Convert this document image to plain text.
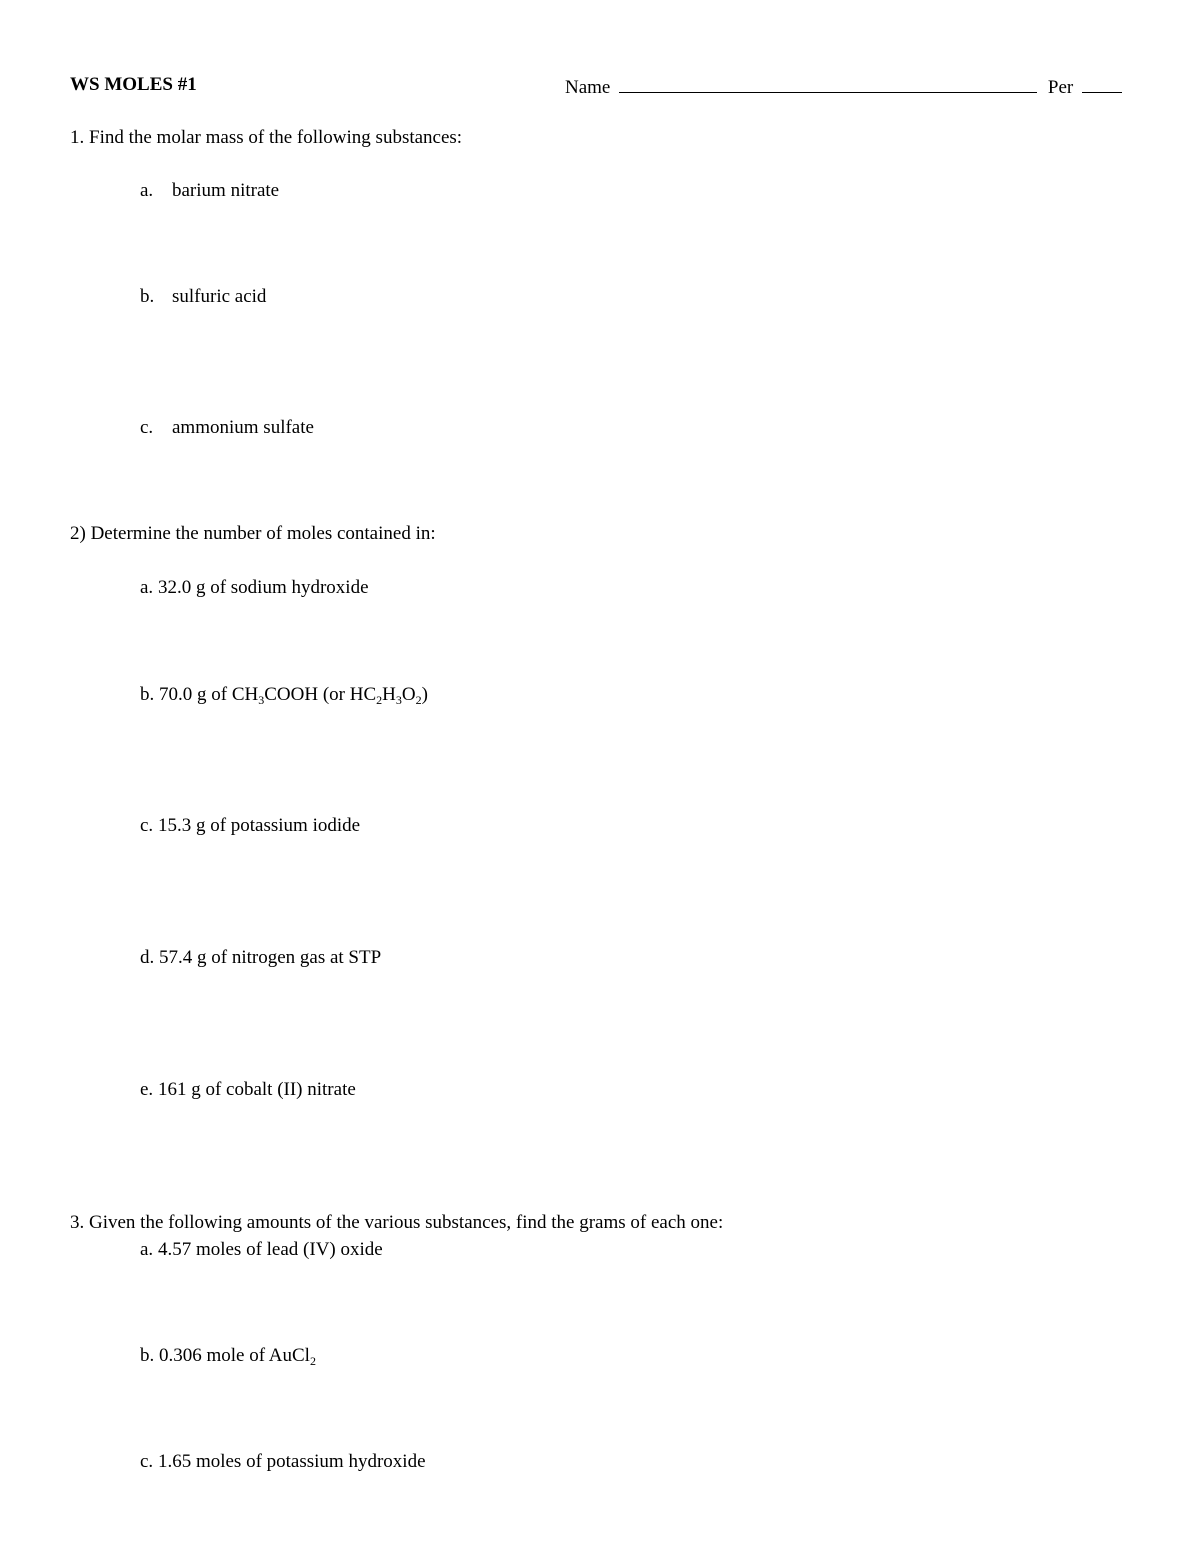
WS MOLES #1	Name	Per
1. Find the molar mass of the following substances:
a. barium nitrate
b. sulfuric acid
c. ammonium sulfate
2) Determine the number of moles contained in:
a. 32.0 g of sodium hydroxide
b. 70.0 g of $CH_3COOH$ (or $HC_2H_3O_2$)
c. 15.3 g of potassium iodide
d. 57.4 g of nitrogen gas at STP
e. 161 g of cobalt (II) nitrate
3. Given the following amounts of the various substances, find the grams of each one:
a. 4.57 moles of lead (IV) oxide
b. 0.306 mole of AuCl$_2$
c. 1.65 moles of potassium hydroxide
